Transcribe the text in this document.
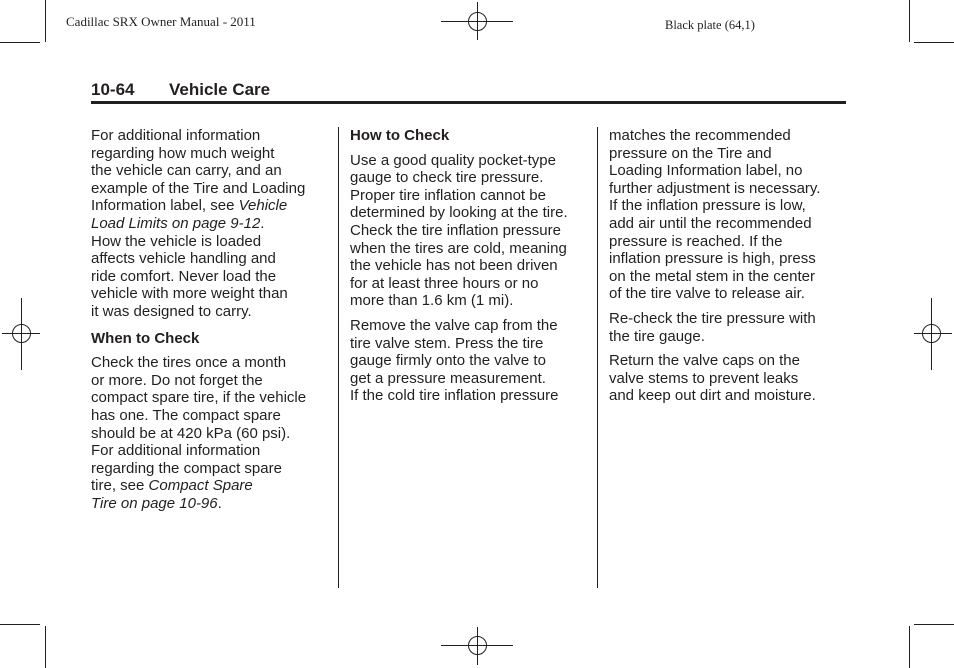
Cadillac SRX Owner Manual - 2011	Black plate (64,1)
10-64 Vehicle Care

For additional information
regarding how much weight
the vehicle can carry, and an
example of the Tire and Loading
Information label, see Vehicle
Load Limits on page 9-12.
How the vehicle is loaded
affects vehicle handling and
ride comfort. Never load the
vehicle with more weight than
it was designed to carry.

When to Check

Check the tires once a month
or more. Do not forget the
compact spare tire, if the vehicle
has one. The compact spare
should be at 420 kPa (60 psi).
For additional information
regarding the compact spare
tire, see Compact Spare
Tire on page 10-96.

How to Check

Use a good quality pocket-type
gauge to check tire pressure.
Proper tire inflation cannot be
determined by looking at the tire.
Check the tire inflation pressure
when the tires are cold, meaning
the vehicle has not been driven
for at least three hours or no
more than 1.6 km (1 mi).

Remove the valve cap from the
tire valve stem. Press the tire
gauge firmly onto the valve to
get a pressure measurement.
If the cold tire inflation pressure

matches the recommended
pressure on the Tire and
Loading Information label, no
further adjustment is necessary.
If the inflation pressure is low,
add air until the recommended
pressure is reached. If the
inflation pressure is high, press
on the metal stem in the center
of the tire valve to release air.

Re-check the tire pressure with
the tire gauge.

Return the valve caps on the
valve stems to prevent leaks
and keep out dirt and moisture.
